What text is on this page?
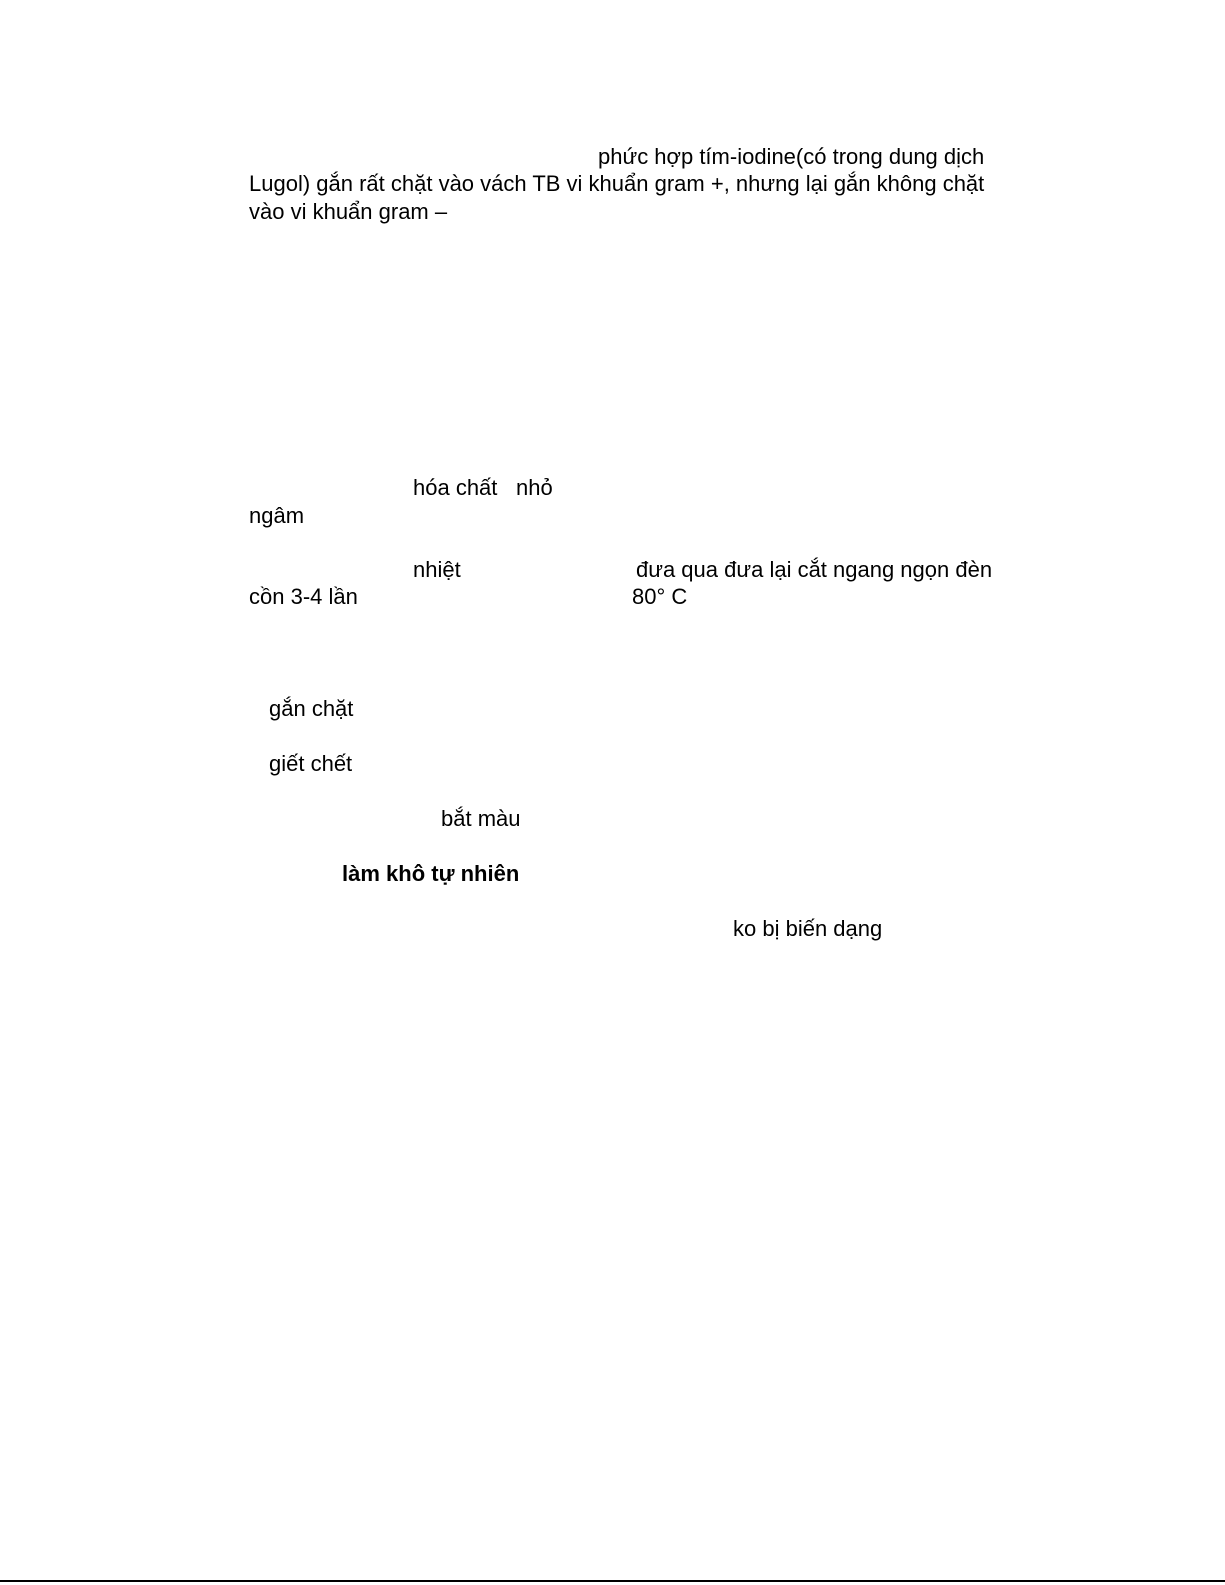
phức hợp tím-iodine(có trong dung dịch
Lugol) gắn rất chặt vào vách TB vi khuẩn gram +, nhưng lại gắn không chặt
vào vi khuẩn gram –
hóa chất nhỏ
ngâm
nhiệt	đưa qua đưa lại cắt ngang ngọn đèn
cồn 3-4 lần	80° C
gắn chặt
giết chết
bắt màu
làm khô tự nhiên
ko bị biến dạng
